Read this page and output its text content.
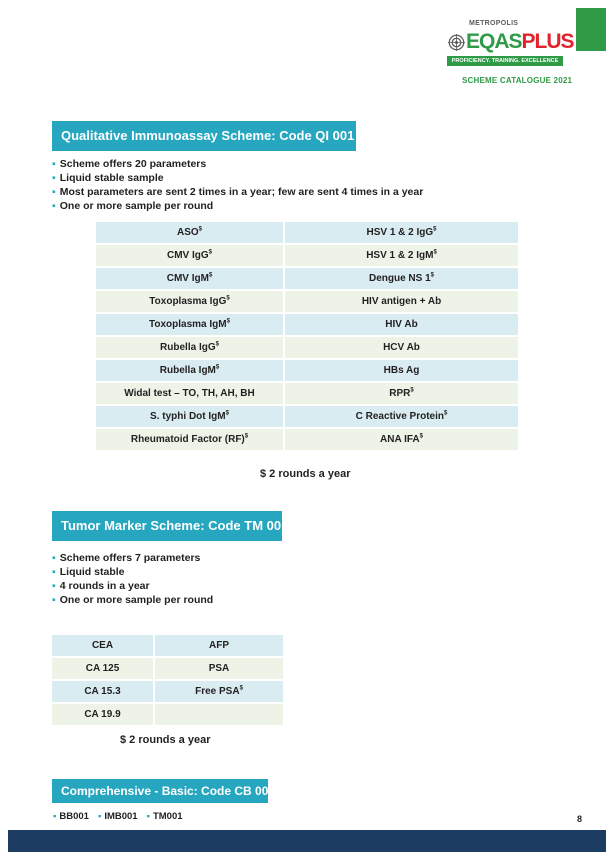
METROPOLIS
EQASPLUS
PROFICIENCY. TRAINING. EXCELLENCE
SCHEME CATALOGUE 2021
Qualitative Immunoassay Scheme: Code QI 001
▪ Scheme offers 20 parameters
▪ Liquid stable sample
▪ Most parameters are sent 2 times in a year; few are sent 4 times in a year
▪ One or more sample per round
ASO$	HSV 1 & 2 IgG$
CMV IgG$	HSV 1 & 2 IgM$
CMV IgM$	Dengue NS 1$
Toxoplasma IgG$	HIV antigen + Ab
Toxoplasma IgM$	HIV Ab
Rubella IgG$	HCV Ab
Rubella IgM$	HBs Ag
Widal test – TO, TH, AH, BH	RPR$
S. typhi Dot IgM$	C Reactive Protein$
Rheumatoid Factor (RF)$	ANA IFA$
$ 2 rounds a year
Tumor Marker Scheme: Code TM 001
▪ Scheme offers 7 parameters
▪ Liquid stable
▪ 4 rounds in a year
▪ One or more sample per round
CEA	AFP
CA 125	PSA
CA 15.3	Free PSA$
CA 19.9	
$ 2 rounds a year
Comprehensive - Basic: Code CB 001
▪ BB001 ▪ IMB001 ▪ TM001	8
